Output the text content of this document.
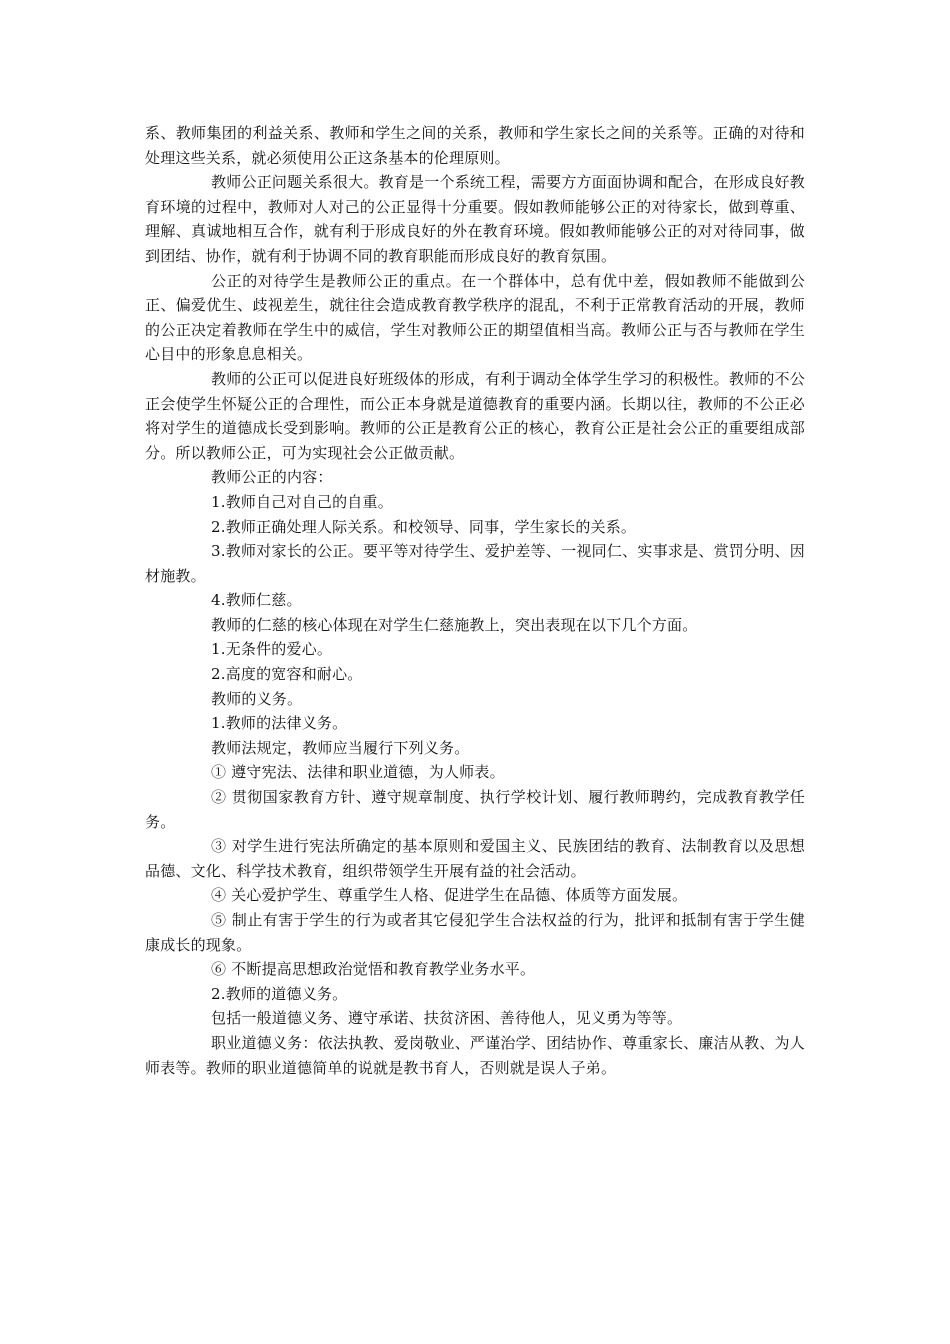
系、教师集团的利益关系、教师和学生之间的关系，教师和学生家长之间的关系等。正确的对待和处理这些关系，就必须使用公正这条基本的伦理原则。

教师公正问题关系很大。教育是一个系统工程，需要方方面面协调和配合，在形成良好教育环境的过程中，教师对人对己的公正显得十分重要。假如教师能够公正的对待家长，做到尊重、理解、真诚地相互合作，就有利于形成良好的外在教育环境。假如教师能够公正的对对待同事，做到团结、协作，就有利于协调不同的教育职能而形成良好的教育氛围。

公正的对待学生是教师公正的重点。在一个群体中，总有优中差，假如教师不能做到公正、偏爱优生、歧视差生，就往往会造成教育教学秩序的混乱，不利于正常教育活动的开展，教师的公正决定着教师在学生中的威信，学生对教师公正的期望值相当高。教师公正与否与教师在学生心目中的形象息息相关。

教师的公正可以促进良好班级体的形成，有利于调动全体学生学习的积极性。教师的不公正会使学生怀疑公正的合理性，而公正本身就是道德教育的重要内涵。长期以往，教师的不公正必将对学生的道德成长受到影响。教师的公正是教育公正的核心，教育公正是社会公正的重要组成部分。所以教师公正，可为实现社会公正做贡献。

教师公正的内容：

1.教师自己对自己的自重。

2.教师正确处理人际关系。和校领导、同事，学生家长的关系。

3.教师对家长的公正。要平等对待学生、爱护差等、一视同仁、实事求是、赏罚分明、因材施教。

4.教师仁慈。

教师的仁慈的核心体现在对学生仁慈施教上，突出表现在以下几个方面。

1.无条件的爱心。

2.高度的宽容和耐心。

教师的义务。

1.教师的法律义务。

教师法规定，教师应当履行下列义务。

① 遵守宪法、法律和职业道德，为人师表。

② 贯彻国家教育方针、遵守规章制度、执行学校计划、履行教师聘约，完成教育教学任务。

③ 对学生进行宪法所确定的基本原则和爱国主义、民族团结的教育、法制教育以及思想品德、文化、科学技术教育，组织带领学生开展有益的社会活动。

④ 关心爱护学生、尊重学生人格、促进学生在品德、体质等方面发展。

⑤ 制止有害于学生的行为或者其它侵犯学生合法权益的行为，批评和抵制有害于学生健康成长的现象。

⑥ 不断提高思想政治觉悟和教育教学业务水平。

2.教师的道德义务。

包括一般道德义务、遵守承诺、扶贫济困、善待他人，见义勇为等等。

职业道德义务：依法执教、爱岗敬业、严谨治学、团结协作、尊重家长、廉洁从教、为人师表等。教师的职业道德简单的说就是教书育人，否则就是误人子弟。
